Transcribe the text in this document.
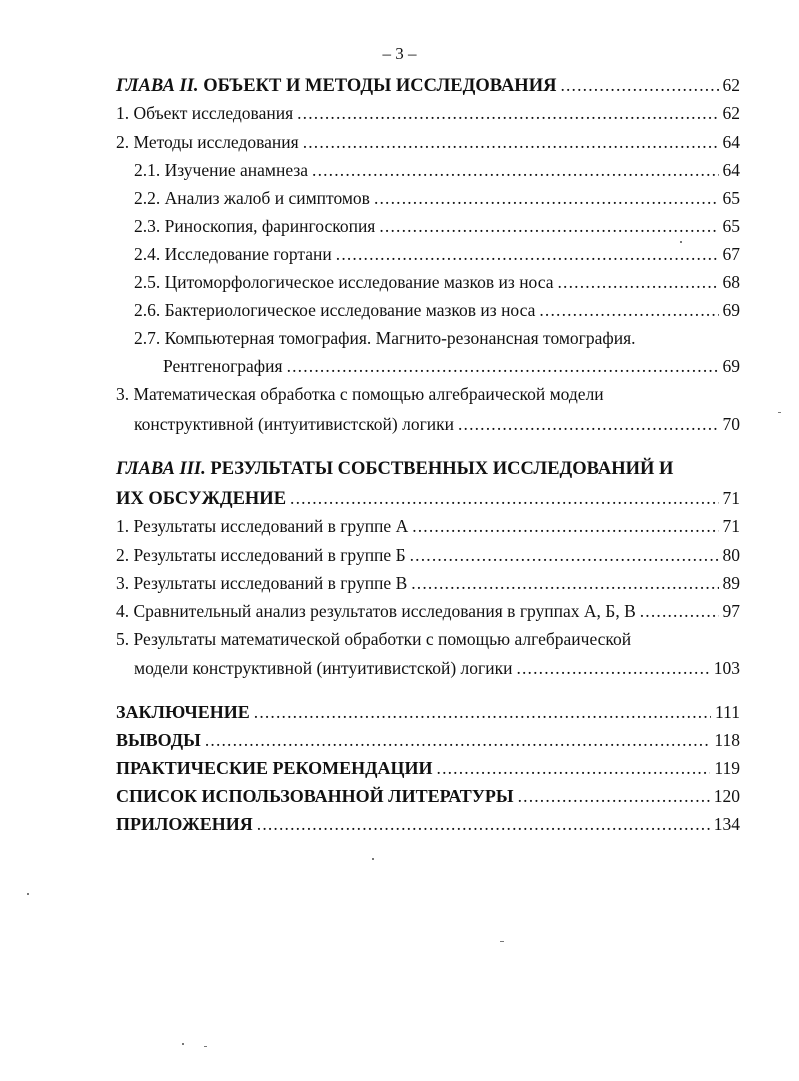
– 3 –
ГЛАВА II. ОБЪЕКТ И МЕТОДЫ ИССЛЕДОВАНИЯ . . .	62
1. Объект исследования . . .	62
2. Методы исследования . . .	64
2.1. Изучение анамнеза . . .	64
2.2. Анализ жалоб и симптомов . . .	65
2.3. Риноскопия, фарингоскопия . . .	65
2.4. Исследование гортани . . .	67
2.5. Цитоморфологическое исследование мазков из носа . . .	68
2.6. Бактериологическое исследование мазков из носа . . .	69
2.7. Компьютерная томография. Магнито-резонансная томография.
Рентгенография . . .	69
3. Математическая обработка с помощью алгебраической модели
конструктивной (интуитивистской) логики . . .	70
ГЛАВА III. РЕЗУЛЬТАТЫ СОБСТВЕННЫХ ИССЛЕДОВАНИЙ И
ИХ ОБСУЖДЕНИЕ . . .	71
1. Результаты исследований в группе А . . .	71
2. Результаты исследований в группе Б . . .	80
3. Результаты исследований в группе В . . .	89
4. Сравнительный анализ результатов исследования в группах А, Б, В . . .	97
5. Результаты математической обработки с помощью алгебраической
модели конструктивной (интуитивистской) логики . . .	103
ЗАКЛЮЧЕНИЕ . . .	111
ВЫВОДЫ . . .	118
ПРАКТИЧЕСКИЕ РЕКОМЕНДАЦИИ . . .	119
СПИСОК ИСПОЛЬЗОВАННОЙ ЛИТЕРАТУРЫ . . .	120
ПРИЛОЖЕНИЯ . . .	134
